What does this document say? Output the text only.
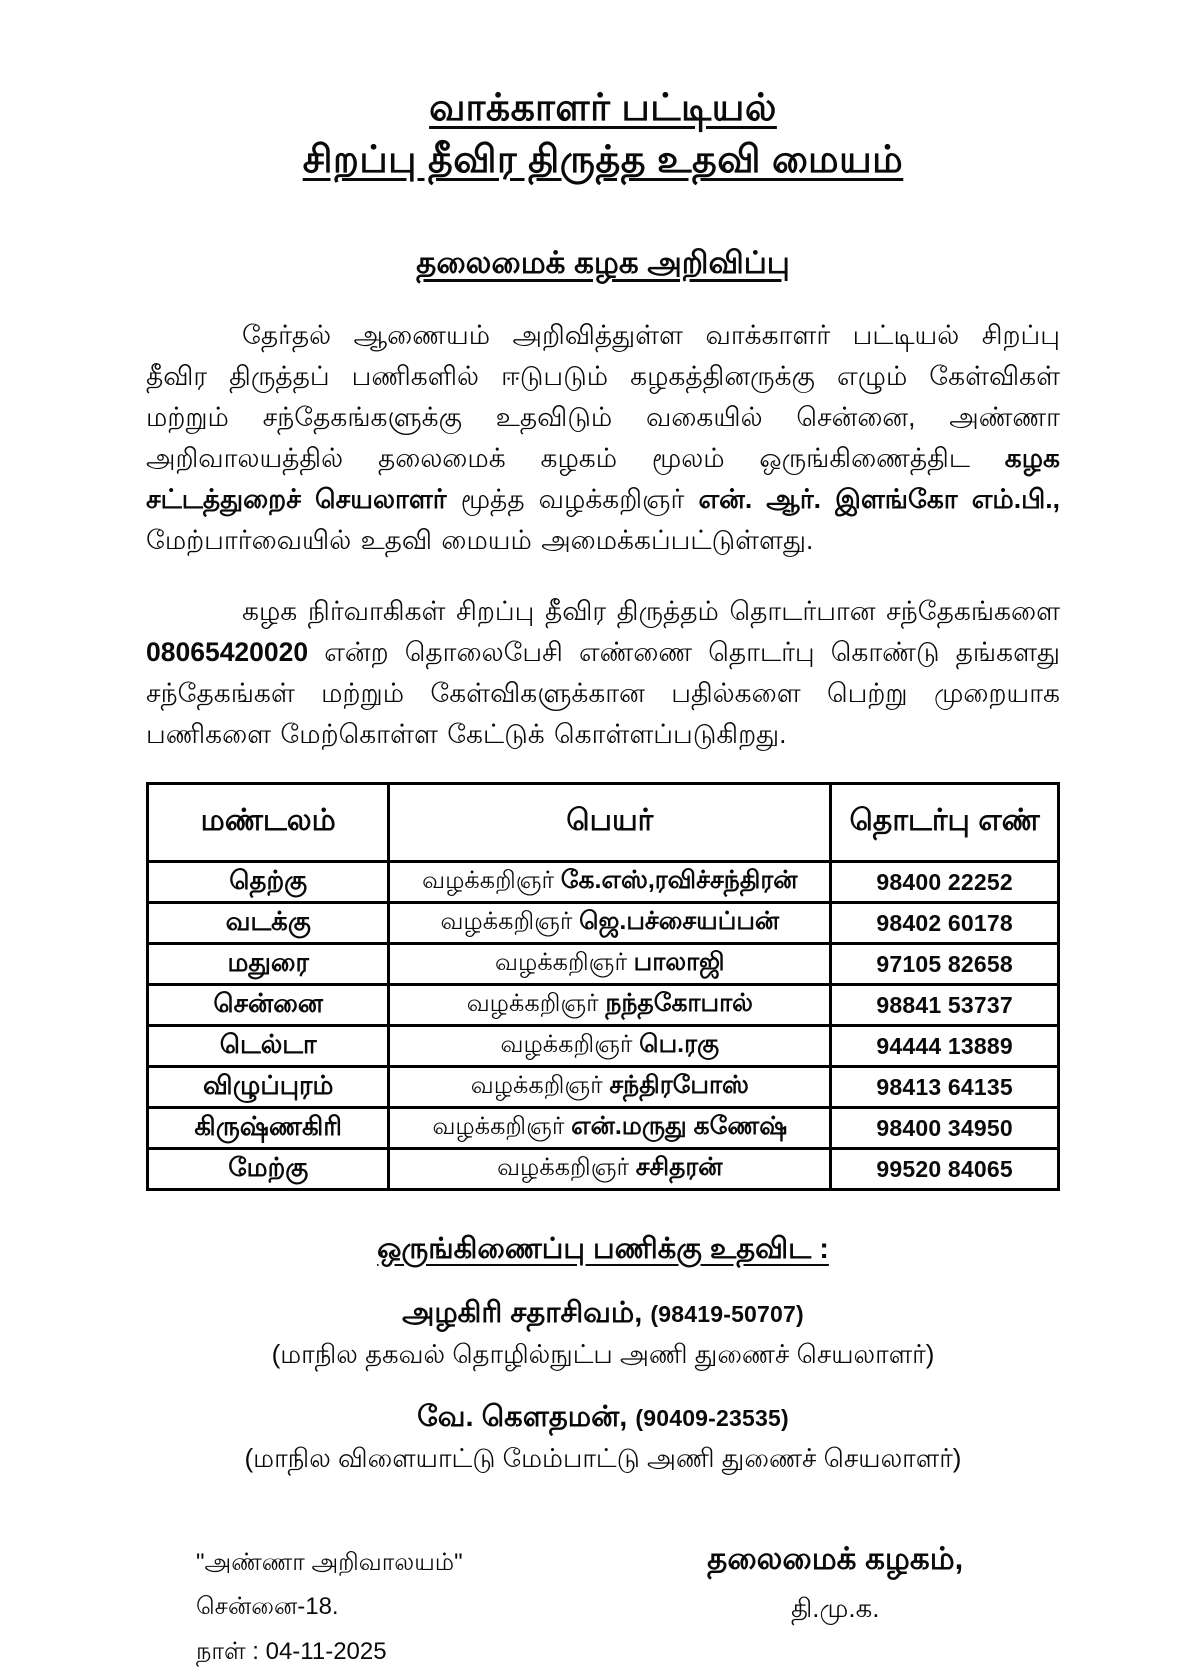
வாக்காளர் பட்டியல்
சிறப்பு தீவிர திருத்த உதவி மையம்
தலைமைக் கழக அறிவிப்பு

தேர்தல் ஆணையம் அறிவித்துள்ள வாக்காளர் பட்டியல் சிறப்பு தீவிர திருத்தப் பணிகளில் ஈடுபடும் கழகத்தினருக்கு எழும் கேள்விகள் மற்றும் சந்தேகங்களுக்கு உதவிடும் வகையில் சென்னை, அண்ணா அறிவாலயத்தில் தலைமைக் கழகம் மூலம் ஒருங்கிணைத்திட கழக சட்டத்துறைச் செயலாளர் மூத்த வழக்கறிஞர் என். ஆர். இளங்கோ எம்.பி., மேற்பார்வையில் உதவி மையம் அமைக்கப்பட்டுள்ளது.

கழக நிர்வாகிகள் சிறப்பு தீவிர திருத்தம் தொடர்பான சந்தேகங்களை 08065420020 என்ற தொலைபேசி எண்ணை தொடர்பு கொண்டு தங்களது சந்தேகங்கள் மற்றும் கேள்விகளுக்கான பதில்களை பெற்று முறையாக பணிகளை மேற்கொள்ள கேட்டுக் கொள்ளப்படுகிறது.

மண்டலம்	பெயர்	தொடர்பு எண்
தெற்கு	வழக்கறிஞர் கே.எஸ்,ரவிச்சந்திரன்	98400 22252
வடக்கு	வழக்கறிஞர் ஜெ.பச்சையப்பன்	98402 60178
மதுரை	வழக்கறிஞர் பாலாஜி	97105 82658
சென்னை	வழக்கறிஞர் நந்தகோபால்	98841 53737
டெல்டா	வழக்கறிஞர் பெ.ரகு	94444 13889
விழுப்புரம்	வழக்கறிஞர் சந்திரபோஸ்	98413 64135
கிருஷ்ணகிரி	வழக்கறிஞர் என்.மருது கணேஷ்	98400 34950
மேற்கு	வழக்கறிஞர் சசிதரன்	99520 84065
ஒருங்கிணைப்பு பணிக்கு உதவிட :
அழகிரி சதாசிவம், (98419-50707)
(மாநில தகவல் தொழில்நுட்ப அணி துணைச் செயலாளர்)
வே. கௌதமன், (90409-23535)
(மாநில விளையாட்டு மேம்பாட்டு அணி துணைச் செயலாளர்)
"அண்ணா அறிவாலயம்"
சென்னை-18.
நாள் : 04-11-2025
தலைமைக் கழகம்,
தி.மு.க.
